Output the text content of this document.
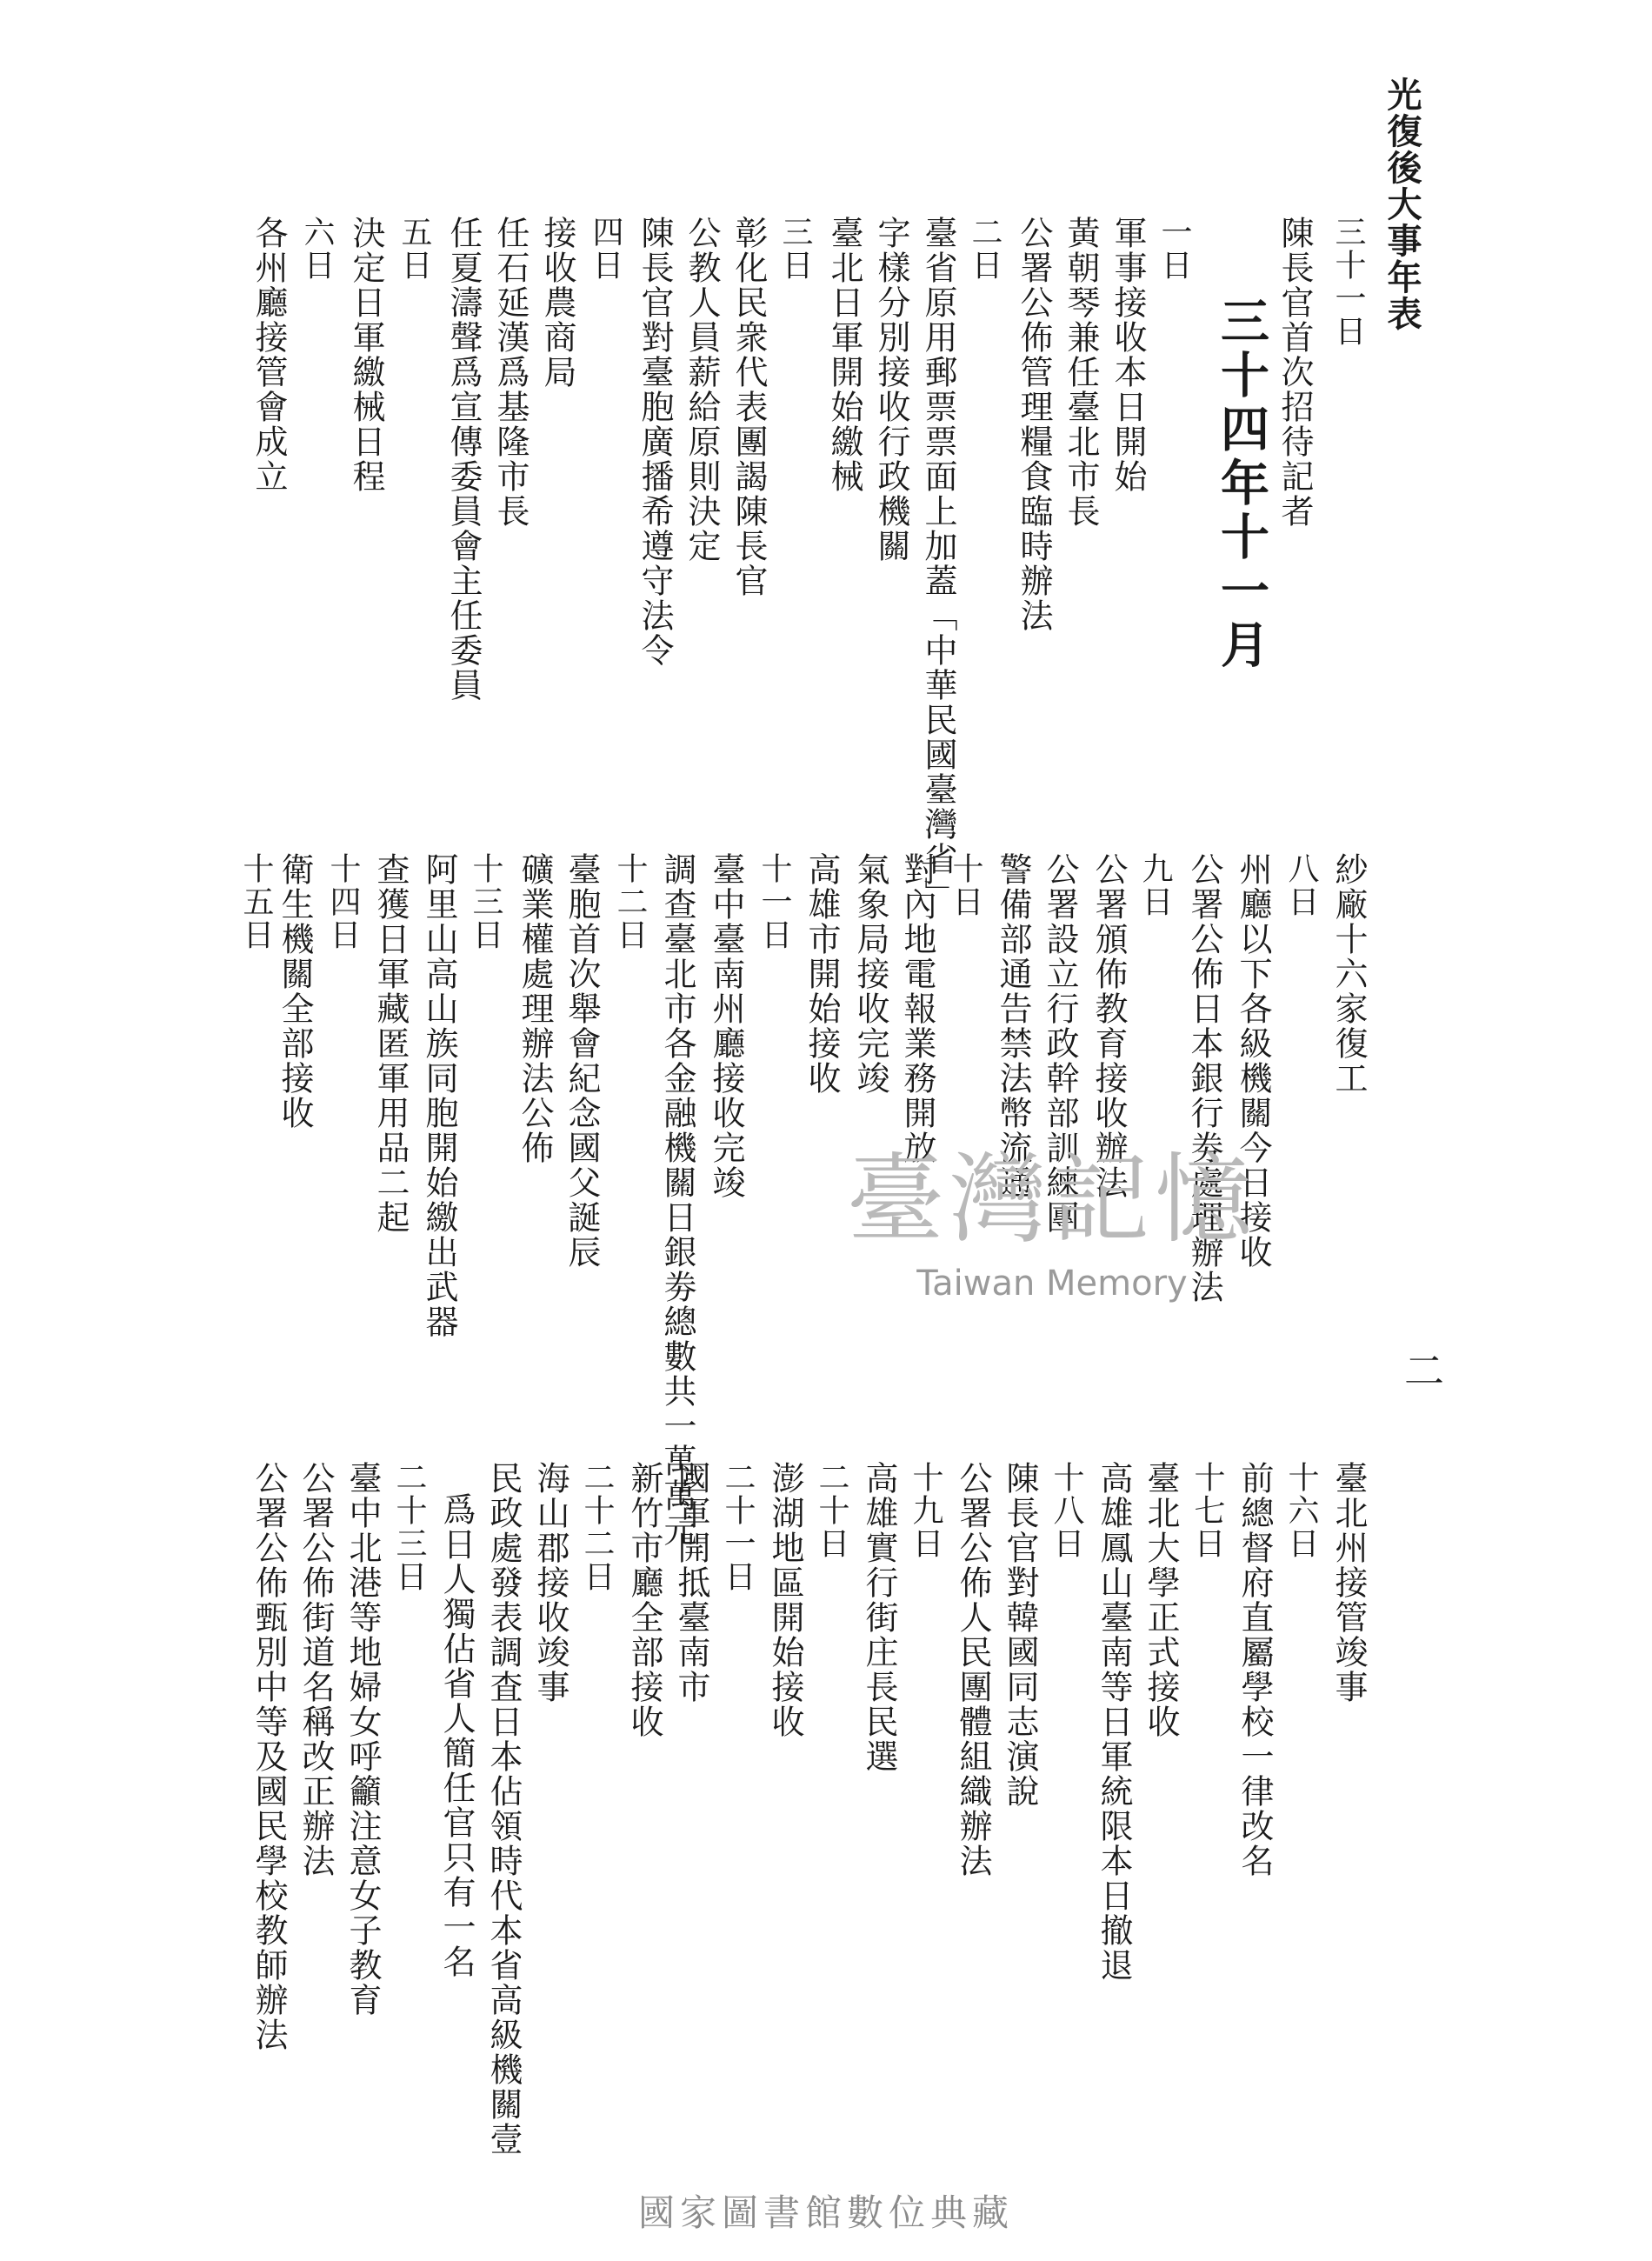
光復後大事年表
二
三十一日
陳長官首次招待記者
三十四年十一月
一日
軍事接收本日開始
黃朝琴兼任臺北市長
公署公佈管理糧食臨時辦法
二日
臺省原用郵票票面上加蓋「中華民國臺灣省」
字樣分別接收行政機關
臺北日軍開始繳械
三日
彰化民衆代表團謁陳長官
公教人員薪給原則決定
陳長官對臺胞廣播希遵守法令
四日
接收農商局
任石延漢爲基隆市長
任夏濤聲爲宣傳委員會主任委員
五日
決定日軍繳械日程
六日
各州廳接管會成立
紗廠十六家復工
八日
州廳以下各級機關今日接收
公署公佈日本銀行劵處理辦法
九日
公署頒佈教育接收辦法
公署設立行政幹部訓練團
警備部通告禁法幣流通
十日
對內地電報業務開放
氣象局接收完竣
高雄市開始接收
十一日
臺中臺南州廳接收完竣
調查臺北市各金融機關日銀劵總數共一萬萬元
十二日
臺胞首次舉會紀念國父誕辰
礦業權處理辦法公佈
十三日
阿里山高山族同胞開始繳出武器
查獲日軍藏匿軍用品二起
十四日
衛生機關全部接收
十五日
臺北州接管竣事
十六日
前總督府直屬學校一律改名
十七日
臺北大學正式接收
高雄鳳山臺南等日軍統限本日撤退
十八日
陳長官對韓國同志演說
公署公佈人民團體組織辦法
十九日
高雄實行街庄長民選
二十日
澎湖地區開始接收
二十一日
國軍開抵臺南市
新竹市廳全部接收
二十二日
海山郡接收竣事
民政處發表調査日本佔領時代本省高級機關壹
爲日人獨佔省人簡任官只有一名
二十三日
臺中北港等地婦女呼籲注意女子教育
公署公佈街道名稱改正辦法
公署公佈甄別中等及國民學校教師辦法
臺灣記憶
Taiwan Memory
國家圖書館數位典藏
